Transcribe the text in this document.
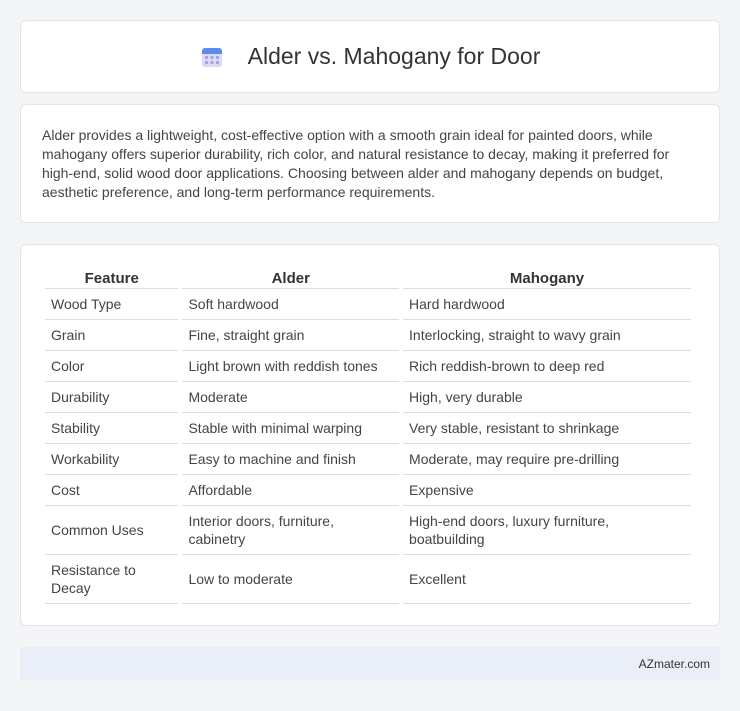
Alder vs. Mahogany for Door

Alder provides a lightweight, cost-effective option with a smooth grain ideal for painted doors, while mahogany offers superior durability, rich color, and natural resistance to decay, making it preferred for high-end, solid wood door applications. Choosing between alder and mahogany depends on budget, aesthetic preference, and long-term performance requirements.

Feature	Alder	Mahogany
Wood Type	Soft hardwood	Hard hardwood
Grain	Fine, straight grain	Interlocking, straight to wavy grain
Color	Light brown with reddish tones	Rich reddish-brown to deep red
Durability	Moderate	High, very durable
Stability	Stable with minimal warping	Very stable, resistant to shrinkage
Workability	Easy to machine and finish	Moderate, may require pre-drilling
Cost	Affordable	Expensive
Common Uses	Interior doors, furniture, cabinetry	High-end doors, luxury furniture, boatbuilding
Resistance to Decay	Low to moderate	Excellent
AZmater.com
